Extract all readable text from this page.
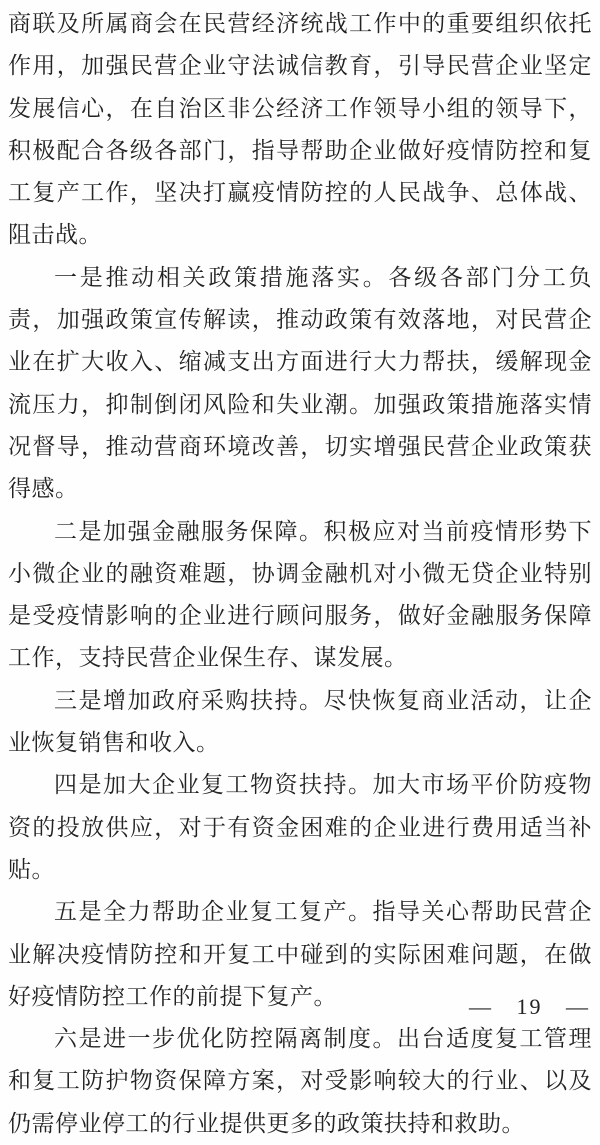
商联及所属商会在民营经济统战工作中的重要组织依托作用，加强民营企业守法诚信教育，引导民营企业坚定发展信心，在自治区非公经济工作领导小组的领导下，积极配合各级各部门，指导帮助企业做好疫情防控和复工复产工作，坚决打赢疫情防控的人民战争、总体战、阻击战。

一是推动相关政策措施落实。各级各部门分工负责，加强政策宣传解读，推动政策有效落地，对民营企业在扩大收入、缩减支出方面进行大力帮扶，缓解现金流压力，抑制倒闭风险和失业潮。加强政策措施落实情况督导，推动营商环境改善，切实增强民营企业政策获得感。

二是加强金融服务保障。积极应对当前疫情形势下小微企业的融资难题，协调金融机对小微无贷企业特别是受疫情影响的企业进行顾问服务，做好金融服务保障工作，支持民营企业保生存、谋发展。

三是增加政府采购扶持。尽快恢复商业活动，让企业恢复销售和收入。

四是加大企业复工物资扶持。加大市场平价防疫物资的投放供应，对于有资金困难的企业进行费用适当补贴。

五是全力帮助企业复工复产。指导关心帮助民营企业解决疫情防控和开复工中碰到的实际困难问题，在做好疫情防控工作的前提下复产。

六是进一步优化防控隔离制度。出台适度复工管理和复工防护物资保障方案，对受影响较大的行业、以及仍需停业停工的行业提供更多的政策扶持和救助。

— 19 —
